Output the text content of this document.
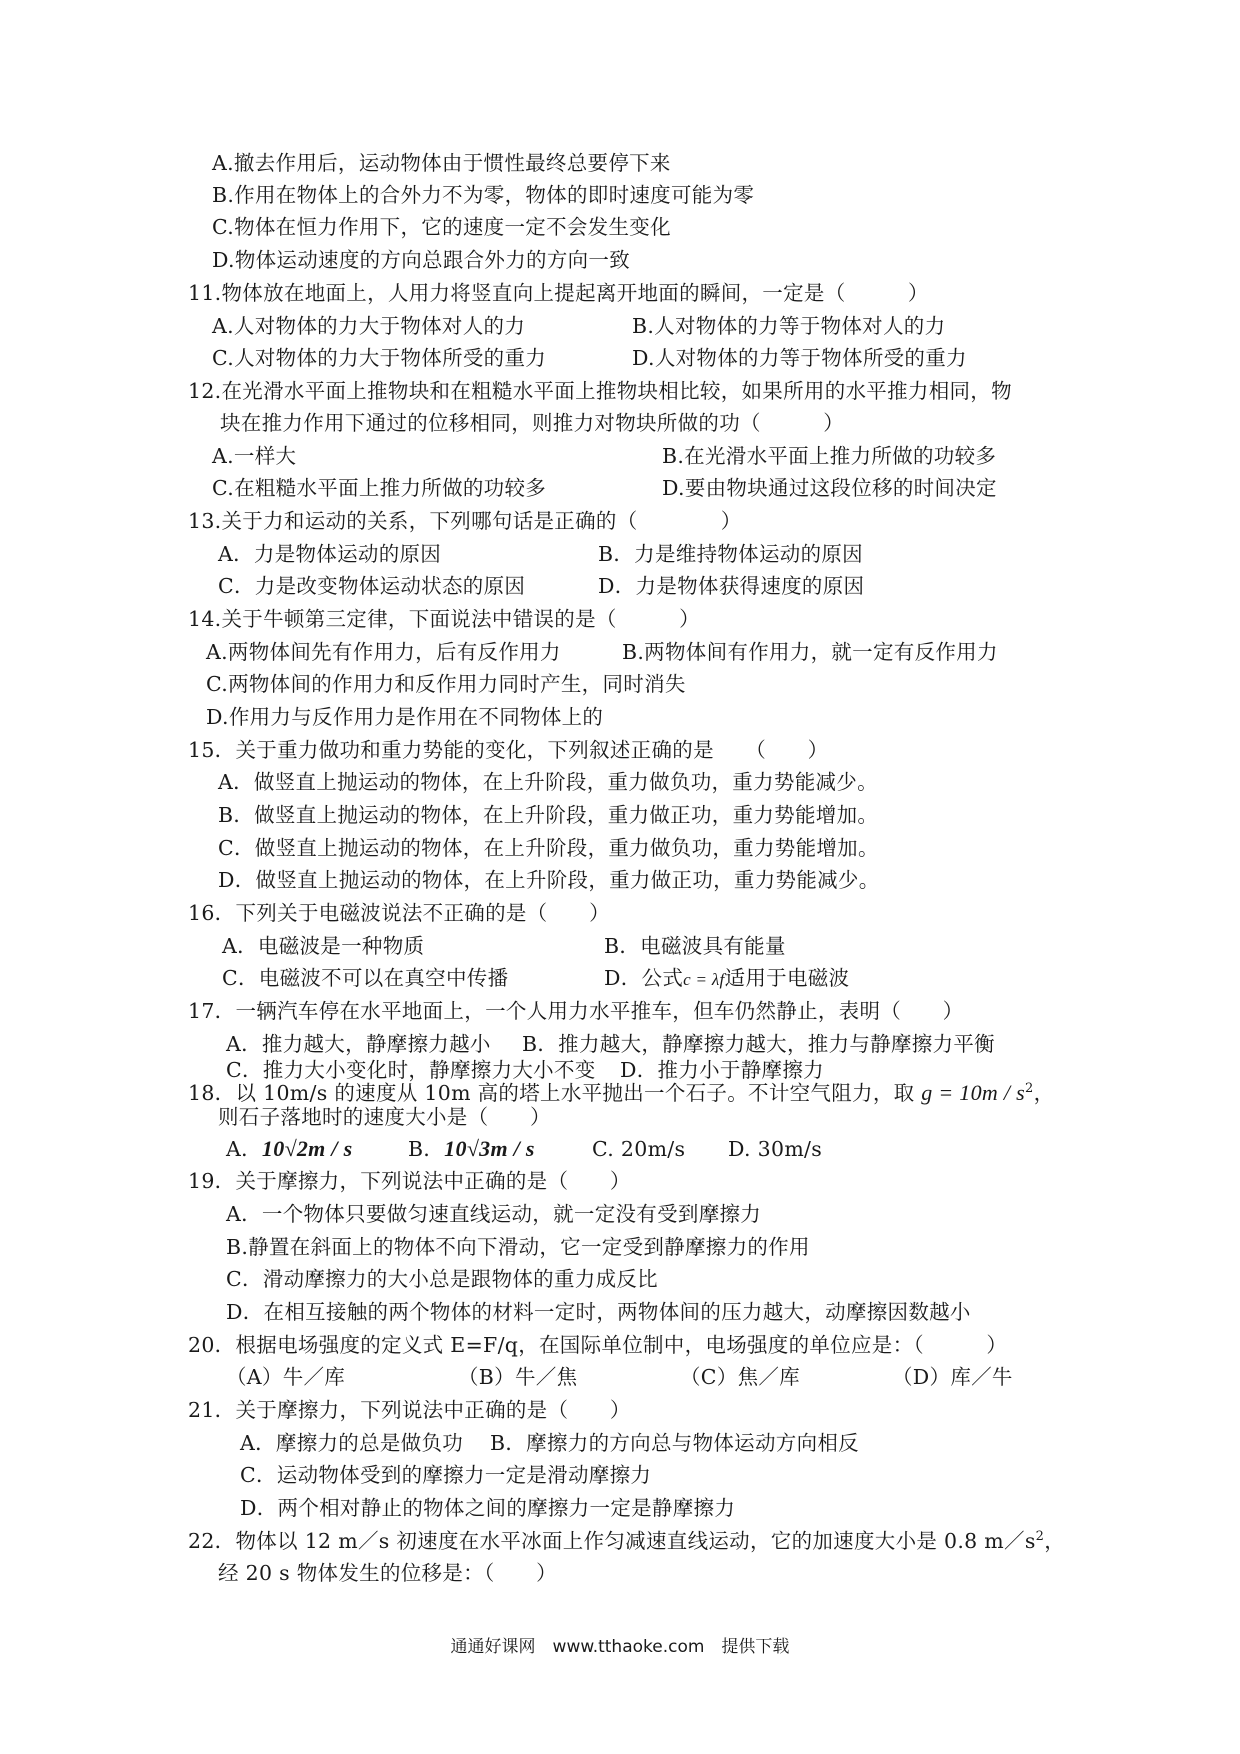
A.撤去作用后，运动物体由于惯性最终总要停下来
B.作用在物体上的合外力不为零，物体的即时速度可能为零
C.物体在恒力作用下，它的速度一定不会发生变化
D.物体运动速度的方向总跟合外力的方向一致
11.物体放在地面上，人用力将竖直向上提起离开地面的瞬间，一定是（　　　）
A.人对物体的力大于物体对人的力	B.人对物体的力等于物体对人的力
C.人对物体的力大于物体所受的重力	D.人对物体的力等于物体所受的重力
12.在光滑水平面上推物块和在粗糙水平面上推物块相比较，如果所用的水平推力相同，物
块在推力作用下通过的位移相同，则推力对物块所做的功（　　　）
A.一样大	B.在光滑水平面上推力所做的功较多
C.在粗糙水平面上推力所做的功较多	D.要由物块通过这段位移的时间决定
13.关于力和运动的关系，下列哪句话是正确的（　　　　）
A．力是物体运动的原因	B．力是维持物体运动的原因
C．力是改变物体运动状态的原因	D．力是物体获得速度的原因
14.关于牛顿第三定律，下面说法中错误的是（　　　）
A.两物体间先有作用力，后有反作用力	B.两物体间有作用力，就一定有反作用力
C.两物体间的作用力和反作用力同时产生，同时消失
D.作用力与反作用力是作用在不同物体上的
15．关于重力做功和重力势能的变化，下列叙述正确的是　　（　　）
A．做竖直上抛运动的物体，在上升阶段，重力做负功，重力势能减少。
B．做竖直上抛运动的物体，在上升阶段，重力做正功，重力势能增加。
C．做竖直上抛运动的物体，在上升阶段，重力做负功，重力势能增加。
D．做竖直上抛运动的物体，在上升阶段，重力做正功，重力势能减少。
16．下列关于电磁波说法不正确的是（　　）
A．电磁波是一种物质	B．电磁波具有能量
C．电磁波不可以在真空中传播	D．公式c = λf适用于电磁波
17．一辆汽车停在水平地面上，一个人用力水平推车，但车仍然静止，表明（　　）
A．推力越大，静摩擦力越小 B．推力越大，静摩擦力越大，推力与静摩擦力平衡
C．推力大小变化时，静摩擦力大小不变 D．推力小于静摩擦力
18．以 10m/s 的速度从 10m 高的塔上水平抛出一个石子。不计空气阻力，取 $g = 10m / s^2$，
则石子落地时的速度大小是（　　）
A．10√2m / s	B．10√3m / s	C. 20m/s D. 30m/s
19．关于摩擦力，下列说法中正确的是（　　）
A．一个物体只要做匀速直线运动，就一定没有受到摩擦力
B.静置在斜面上的物体不向下滑动，它一定受到静摩擦力的作用
C．滑动摩擦力的大小总是跟物体的重力成反比
D．在相互接触的两个物体的材料一定时，两物体间的压力越大，动摩擦因数越小
20．根据电场强度的定义式 E=F/q，在国际单位制中，电场强度的单位应是：（　　　）
（A）牛／库	（B）牛／焦	（C）焦／库	（D）库／牛
21．关于摩擦力，下列说法中正确的是（　　）
A．摩擦力的总是做负功 B．摩擦力的方向总与物体运动方向相反
C．运动物体受到的摩擦力一定是滑动摩擦力
D．两个相对静止的物体之间的摩擦力一定是静摩擦力
22．物体以 12 m／s 初速度在水平冰面上作匀减速直线运动，它的加速度大小是 0.8 $m/s^2$，
经 20 s 物体发生的位移是：（　　）
通通好课网　www.tthaoke.com　提供下载
